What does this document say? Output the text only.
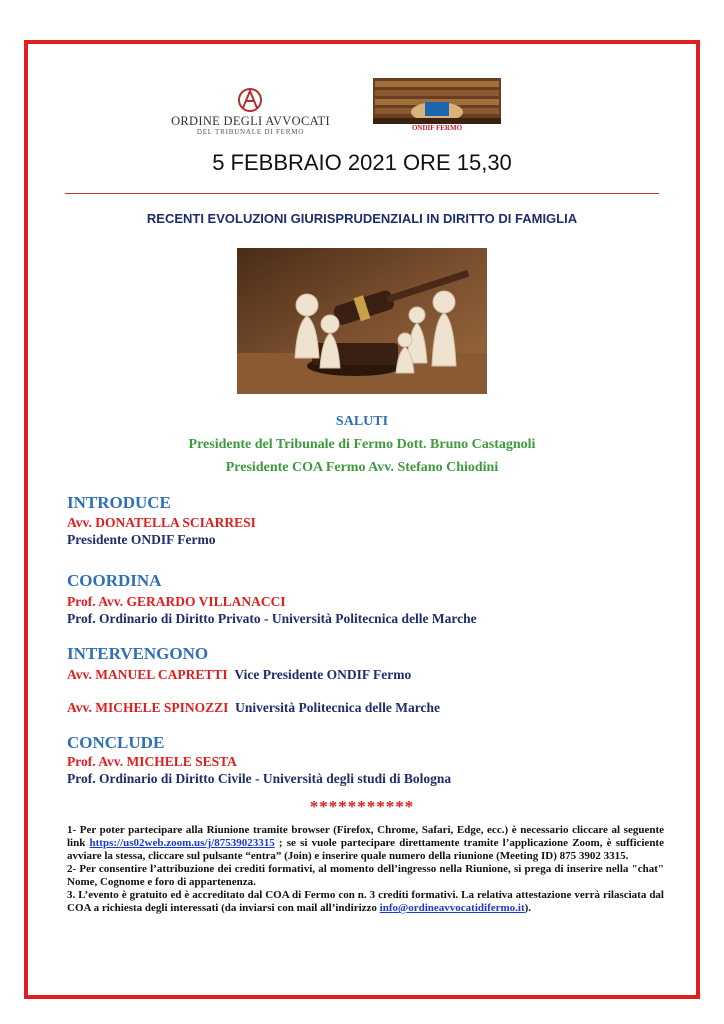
ORDINE DEGLI AVVOCATI
DEL TRIBUNALE DI FERMO	ONDIF FERMO
5 FEBBRAIO 2021 ORE 15,30
RECENTI EVOLUZIONI GIURISPRUDENZIALI IN DIRITTO DI FAMIGLIA
SALUTI
Presidente del Tribunale di Fermo Dott. Bruno Castagnoli
Presidente COA Fermo Avv. Stefano Chiodini
INTRODUCE
Avv. DONATELLA SCIARRESI
Presidente ONDIF Fermo
COORDINA
Prof. Avv. GERARDO VILLANACCI
Prof. Ordinario di Diritto Privato - Università Politecnica delle Marche
INTERVENGONO
Avv. MANUEL CAPRETTI Vice Presidente ONDIF Fermo
Avv. MICHELE SPINOZZI Università Politecnica delle Marche
CONCLUDE
Prof. Avv. MICHELE SESTA
Prof. Ordinario di Diritto Civile - Università degli studi di Bologna
***********

1- Per poter partecipare alla Riunione tramite browser (Firefox, Chrome, Safari, Edge, ecc.) è necessario cliccare al seguente link https://us02web.zoom.us/j/87539023315 ; se si vuole partecipare direttamente tramite l’applicazione Zoom, è sufficiente avviare la stessa, cliccare sul pulsante “entra” (Join) e inserire quale numero della riunione (Meeting ID) 875 3902 3315.

2- Per consentire l’attribuzione dei crediti formativi, al momento dell’ingresso nella Riunione, si prega di inserire nella "chat" Nome, Cognome e foro di appartenenza.

3. L’evento è gratuito ed è accreditato dal COA di Fermo con n. 3 crediti formativi. La relativa attestazione verrà rilasciata dal COA a richiesta degli interessati (da inviarsi con mail all’indirizzo info@ordineavvocatidifermo.it).
